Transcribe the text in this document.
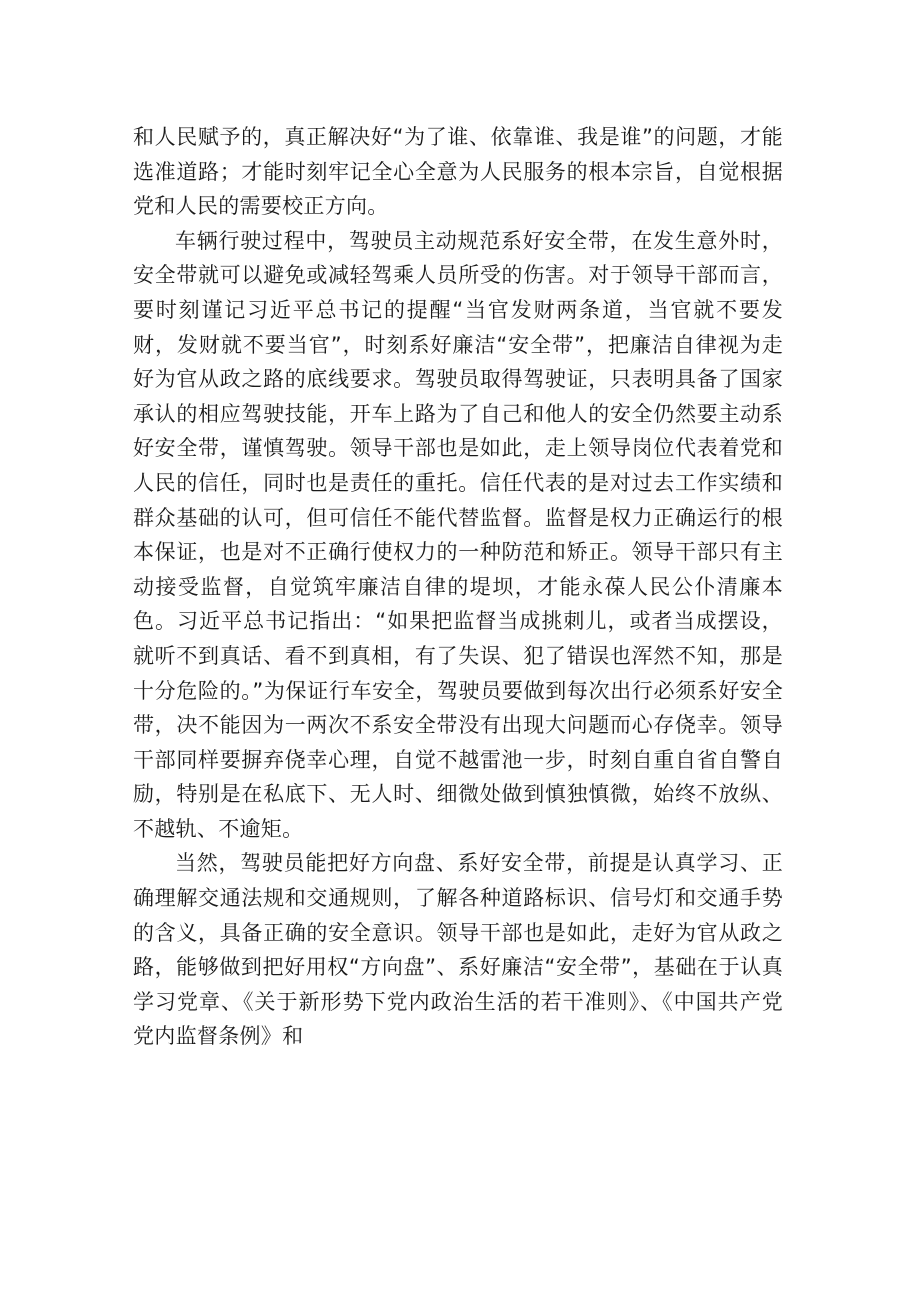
和人民赋予的，真正解决好“为了谁、依靠谁、我是谁”的问题，才能选准道路；才能时刻牢记全心全意为人民服务的根本宗旨，自觉根据党和人民的需要校正方向。

车辆行驶过程中，驾驶员主动规范系好安全带，在发生意外时，安全带就可以避免或减轻驾乘人员所受的伤害。对于领导干部而言，要时刻谨记习近平总书记的提醒“当官发财两条道，当官就不要发财，发财就不要当官”，时刻系好廉洁“安全带”，把廉洁自律视为走好为官从政之路的底线要求。驾驶员取得驾驶证，只表明具备了国家承认的相应驾驶技能，开车上路为了自己和他人的安全仍然要主动系好安全带，谨慎驾驶。领导干部也是如此，走上领导岗位代表着党和人民的信任，同时也是责任的重托。信任代表的是对过去工作实绩和群众基础的认可，但可信任不能代替监督。监督是权力正确运行的根本保证，也是对不正确行使权力的一种防范和矫正。领导干部只有主动接受监督，自觉筑牢廉洁自律的堤坝，才能永葆人民公仆清廉本色。习近平总书记指出：“如果把监督当成挑刺儿，或者当成摆设，就听不到真话、看不到真相，有了失误、犯了错误也浑然不知，那是十分危险的。”为保证行车安全，驾驶员要做到每次出行必须系好安全带，决不能因为一两次不系安全带没有出现大问题而心存侥幸。领导干部同样要摒弃侥幸心理，自觉不越雷池一步，时刻自重自省自警自励，特别是在私底下、无人时、细微处做到慎独慎微，始终不放纵、不越轨、不逾矩。

当然，驾驶员能把好方向盘、系好安全带，前提是认真学习、正确理解交通法规和交通规则，了解各种道路标识、信号灯和交通手势的含义，具备正确的安全意识。领导干部也是如此，走好为官从政之路，能够做到把好用权“方向盘”、系好廉洁“安全带”，基础在于认真学习党章、《关于新形势下党内政治生活的若干准则》、《中国共产党党内监督条例》和
